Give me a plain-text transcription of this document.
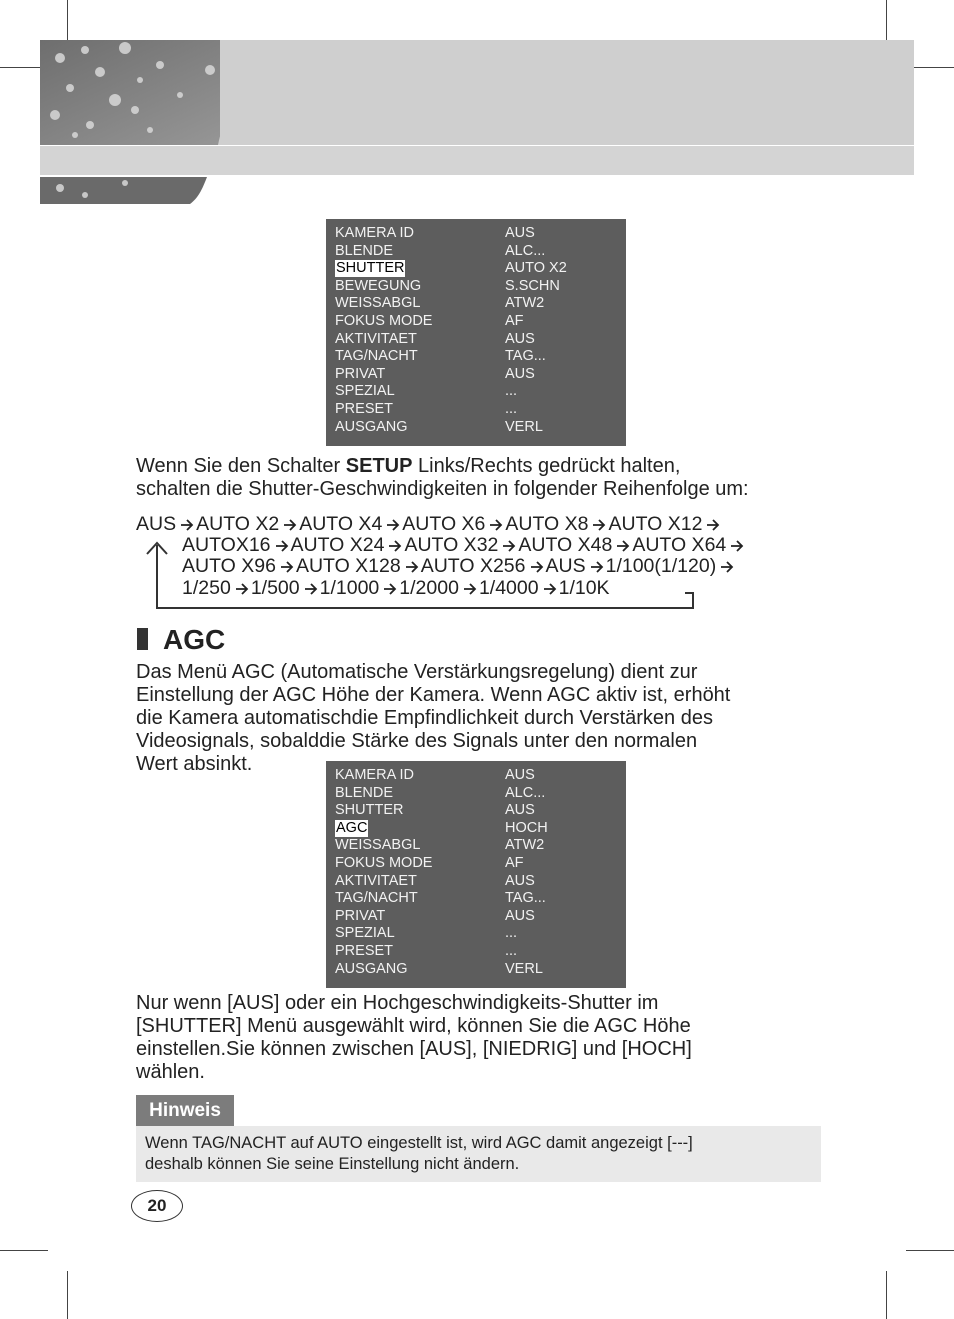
KAMERA ID	AUS
BLENDE	ALC...
SHUTTER	AUTO X2
BEWEGUNG	S.SCHN
WEISSABGL	ATW2
FOKUS MODE	AF
AKTIVITAET	AUS
TAG/NACHT	TAG...
PRIVAT	AUS
SPEZIAL	...
PRESET	...
AUSGANG	VERL
Wenn Sie den Schalter SETUP Links/Rechts gedrückt halten,
schalten die Shutter-Geschwindigkeiten in folgender Reihenfolge um:
AUS AUTO X2 AUTO X4 AUTO X6 AUTO X8 AUTO X12
AUTOX16 AUTO X24 AUTO X32 AUTO X48 AUTO X64
AUTO X96 AUTO X128 AUTO X256 AUS 1/100(1/120)
1/250 1/500 1/1000 1/2000 1/4000 1/10K
AGC
Das Menü AGC (Automatische Verstärkungsregelung) dient zur
Einstellung der AGC Höhe der Kamera. Wenn AGC aktiv ist, erhöht
die Kamera automatischdie Empfindlichkeit durch Verstärken des
Videosignals, sobalddie Stärke des Signals unter den normalen
Wert absinkt.	KAMERA ID	AUS
BLENDE	ALC...
SHUTTER	AUS
AGC	HOCH
WEISSABGL	ATW2
FOKUS MODE	AF
AKTIVITAET	AUS
TAG/NACHT	TAG...
PRIVAT	AUS
SPEZIAL	...
PRESET	...
AUSGANG	VERL
Nur wenn [AUS] oder ein Hochgeschwindigkeits-Shutter im
[SHUTTER] Menü ausgewählt wird, können Sie die AGC Höhe
einstellen.Sie können zwischen [AUS], [NIEDRIG] und [HOCH]
wählen.
Hinweis
Wenn TAG/NACHT auf AUTO eingestellt ist, wird AGC damit angezeigt [---]
deshalb können Sie seine Einstellung nicht ändern.
20
